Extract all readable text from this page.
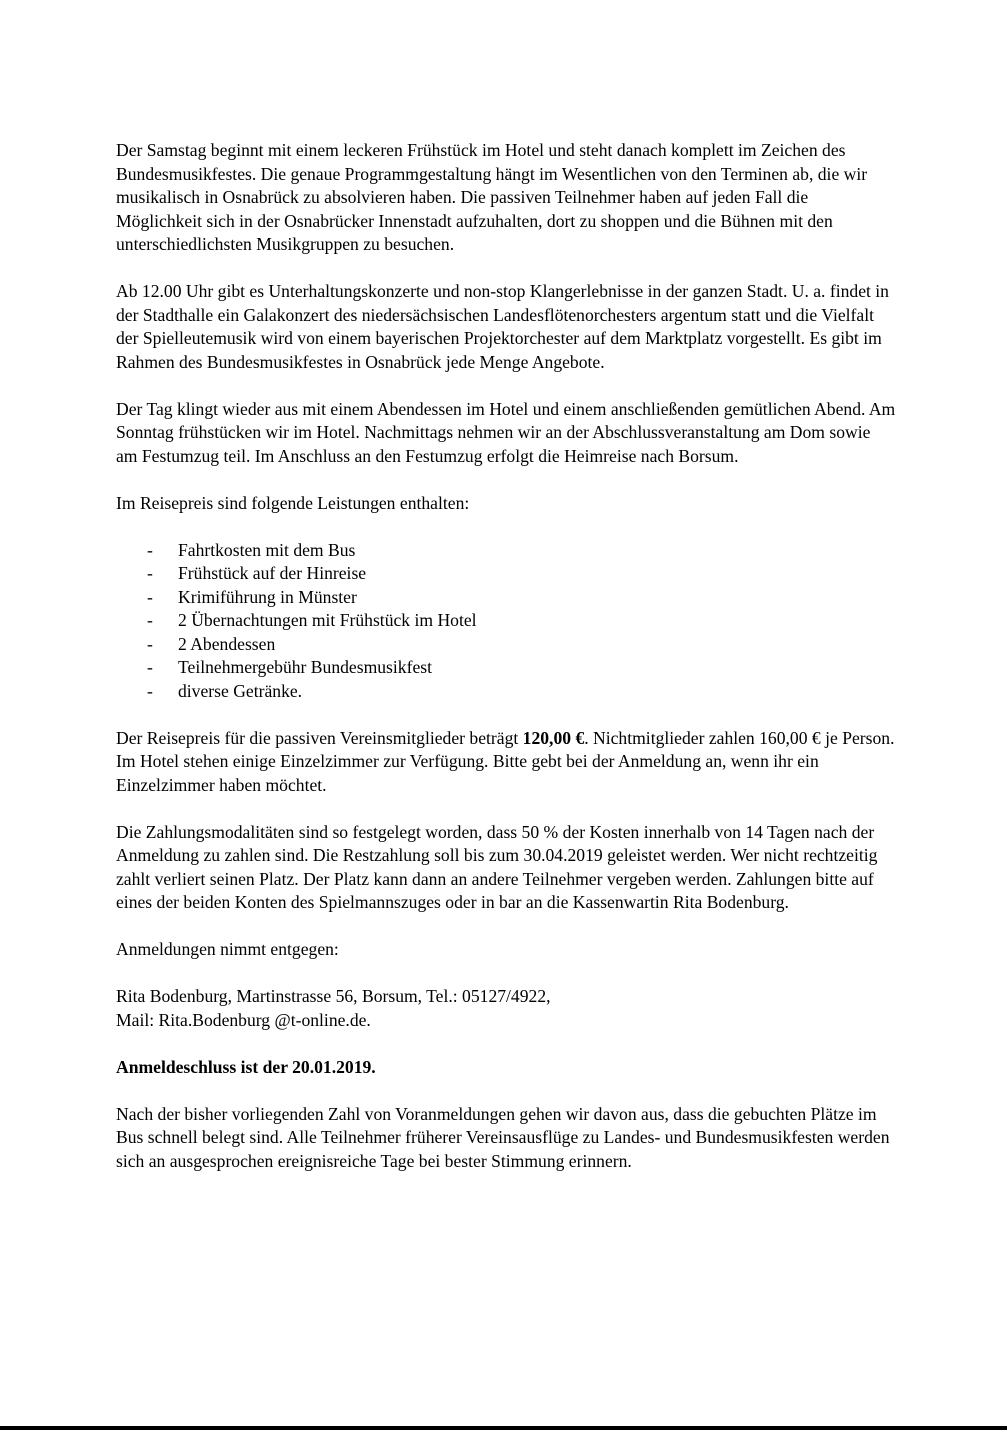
Der Samstag beginnt mit einem leckeren Frühstück im Hotel und steht danach komplett im Zeichen des Bundesmusikfestes. Die genaue Programmgestaltung hängt im Wesentlichen von den Terminen ab, die wir musikalisch in Osnabrück zu absolvieren haben. Die passiven Teilnehmer haben auf jeden Fall die Möglichkeit sich in der Osnabrücker Innenstadt aufzuhalten, dort zu shoppen und die Bühnen mit den unterschiedlichsten Musikgruppen zu besuchen.

Ab 12.00 Uhr gibt es Unterhaltungskonzerte und non-stop Klangerlebnisse in der ganzen Stadt. U. a. findet in der Stadthalle ein Galakonzert des niedersächsischen Landesflötenorchesters argentum statt und die Vielfalt der Spielleutemusik wird von einem bayerischen Projektorchester auf dem Marktplatz vorgestellt. Es gibt im Rahmen des Bundesmusikfestes in Osnabrück jede Menge Angebote.

Der Tag klingt wieder aus mit einem Abendessen im Hotel und einem anschließenden gemütlichen Abend. Am Sonntag frühstücken wir im Hotel. Nachmittags nehmen wir an der Abschlussveranstaltung am Dom sowie am Festumzug teil. Im Anschluss an den Festumzug erfolgt die Heimreise nach Borsum.

Im Reisepreis sind folgende Leistungen enthalten:

- Fahrtkosten mit dem Bus
- Frühstück auf der Hinreise
- Krimiführung in Münster
- 2 Übernachtungen mit Frühstück im Hotel
- 2 Abendessen
- Teilnehmergebühr Bundesmusikfest
- diverse Getränke.

Der Reisepreis für die passiven Vereinsmitglieder beträgt 120,00 €. Nichtmitglieder zahlen 160,00 € je Person. Im Hotel stehen einige Einzelzimmer zur Verfügung. Bitte gebt bei der Anmeldung an, wenn ihr ein Einzelzimmer haben möchtet.

Die Zahlungsmodalitäten sind so festgelegt worden, dass 50 % der Kosten innerhalb von 14 Tagen nach der Anmeldung zu zahlen sind. Die Restzahlung soll bis zum 30.04.2019 geleistet werden. Wer nicht rechtzeitig zahlt verliert seinen Platz. Der Platz kann dann an andere Teilnehmer vergeben werden. Zahlungen bitte auf eines der beiden Konten des Spielmannszuges oder in bar an die Kassenwartin Rita Bodenburg.

Anmeldungen nimmt entgegen:

Rita Bodenburg, Martinstrasse 56, Borsum, Tel.: 05127/4922,
Mail: Rita.Bodenburg @t-online.de.

Anmeldeschluss ist der 20.01.2019.

Nach der bisher vorliegenden Zahl von Voranmeldungen gehen wir davon aus, dass die gebuchten Plätze im Bus schnell belegt sind. Alle Teilnehmer früherer Vereinsausflüge zu Landes- und Bundesmusikfesten werden sich an ausgesprochen ereignisreiche Tage bei bester Stimmung erinnern.
